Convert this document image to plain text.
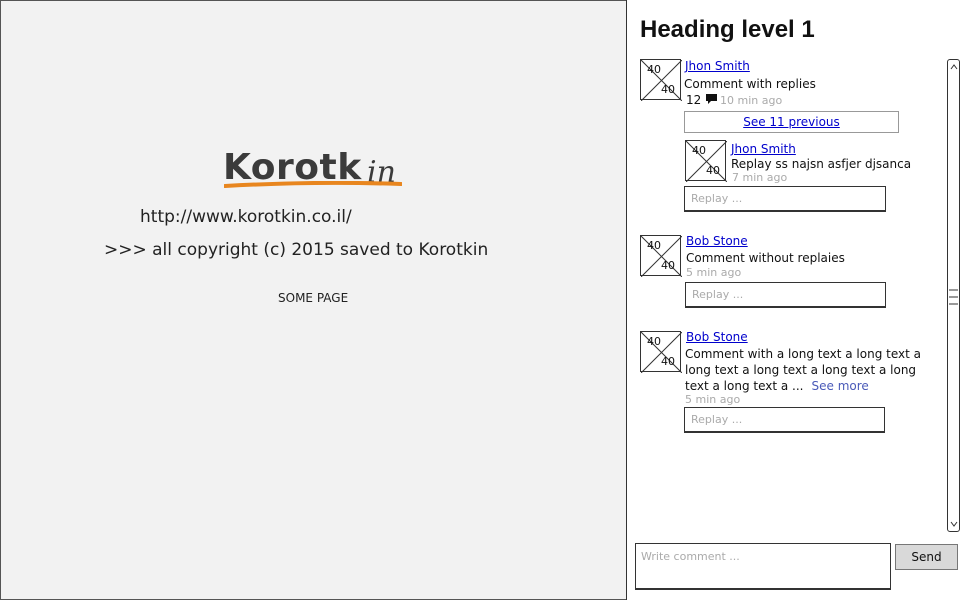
Korotk in
http://www.korotkin.co.il/
>>> all copyright (c) 2015 saved to Korotkin
SOME PAGE
Heading level 1
40
40
Jhon Smith
Comment with replies
12	10 min ago
See 11 previous
40
40
Jhon Smith
Replay ss najsn asfjer djsanca
7 min ago
Replay ...
40
40
Bob Stone
Comment without replaies
5 min ago
Replay ...
40
40
Bob Stone
Comment with a long text a long text a
long text a long text a long text a long
text a long text a ... See more
5 min ago
Replay ...
Write comment ...	Send
